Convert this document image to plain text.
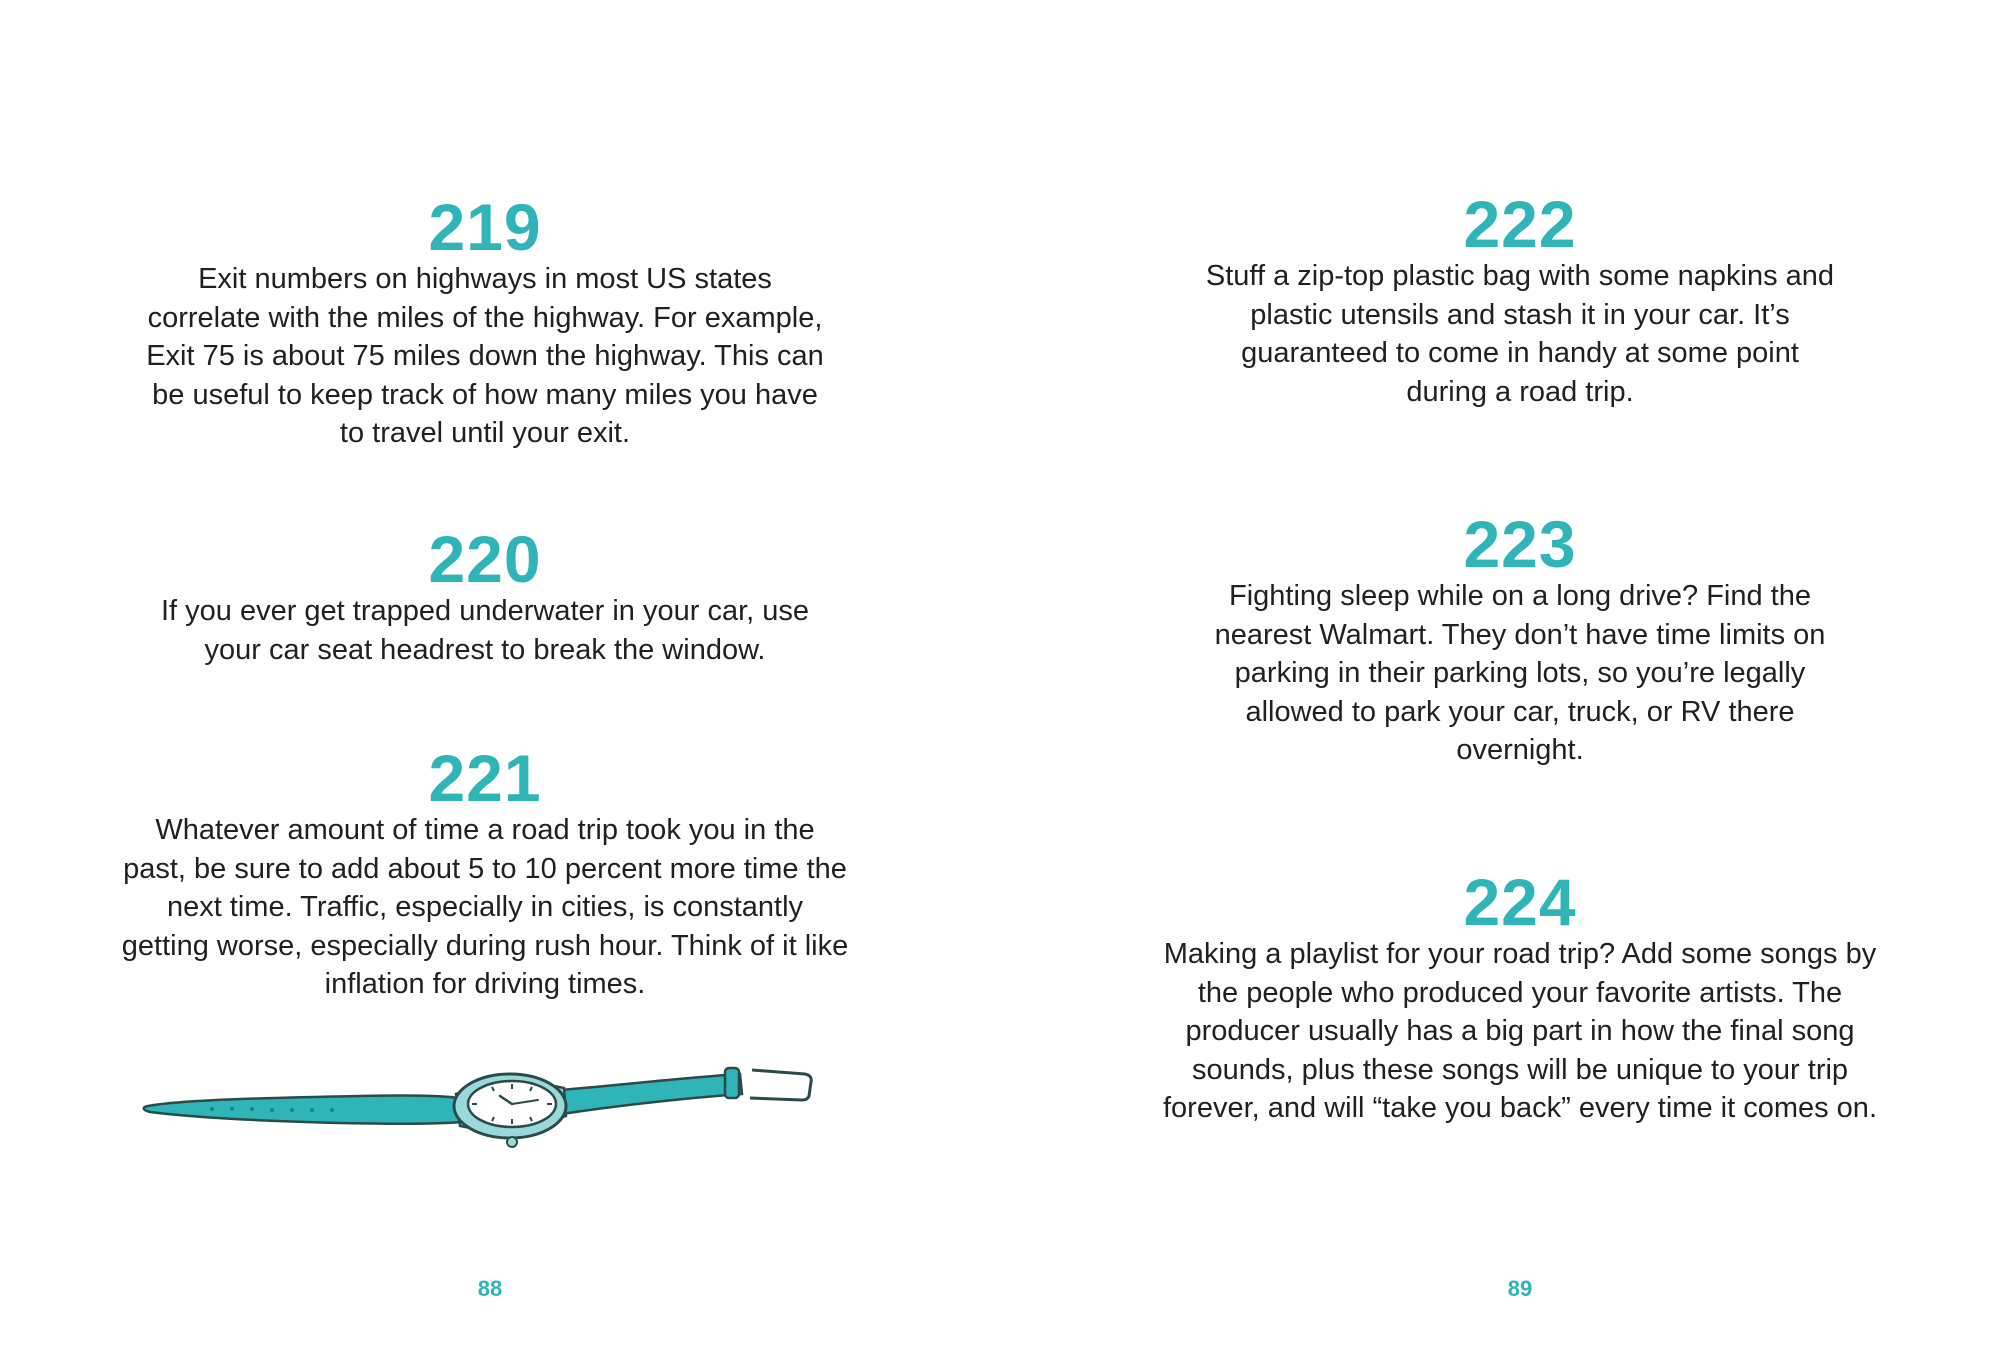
219
Exit numbers on highways in most US states correlate with the miles of the highway. For example, Exit 75 is about 75 miles down the highway. This can be useful to keep track of how many miles you have to travel until your exit.
220
If you ever get trapped underwater in your car, use your car seat headrest to break the window.
221
Whatever amount of time a road trip took you in the past, be sure to add about 5 to 10 percent more time the next time. Traffic, especially in cities, is constantly getting worse, especially during rush hour. Think of it like inflation for driving times.
88
222
Stuff a zip-top plastic bag with some napkins and plastic utensils and stash it in your car. It’s guaranteed to come in handy at some point during a road trip.
223
Fighting sleep while on a long drive? Find the nearest Walmart. They don’t have time limits on parking in their parking lots, so you’re legally allowed to park your car, truck, or RV there overnight.
224
Making a playlist for your road trip? Add some songs by the people who produced your favorite artists. The producer usually has a big part in how the final song sounds, plus these songs will be unique to your trip forever, and will “take you back” every time it comes on.
89
